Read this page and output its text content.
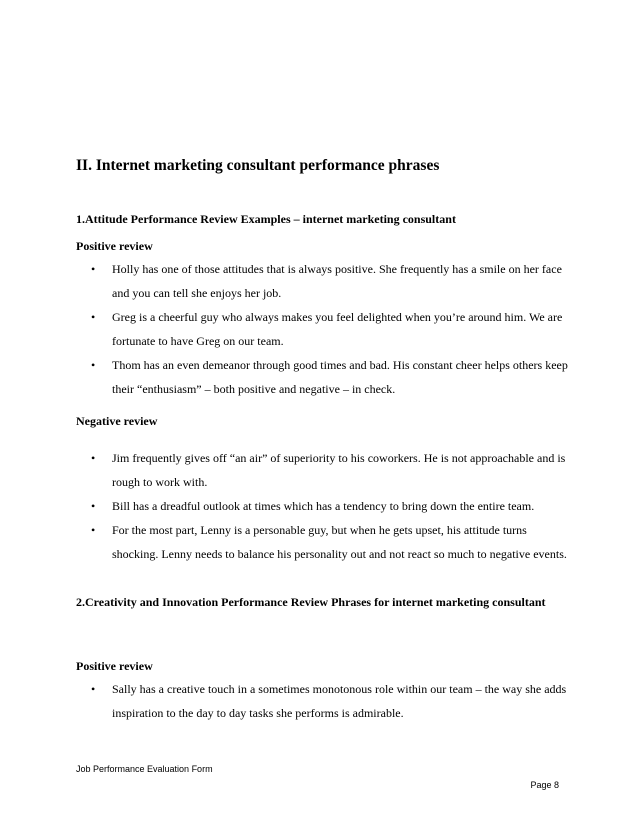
II. Internet marketing consultant performance phrases

1.Attitude Performance Review Examples – internet marketing consultant

Positive review

• Holly has one of those attitudes that is always positive. She frequently has a smile on her face and you can tell she enjoys her job.
• Greg is a cheerful guy who always makes you feel delighted when you’re around him. We are fortunate to have Greg on our team.
• Thom has an even demeanor through good times and bad. His constant cheer helps others keep their “enthusiasm” – both positive and negative – in check.

Negative review

• Jim frequently gives off “an air” of superiority to his coworkers. He is not approachable and is rough to work with.
• Bill has a dreadful outlook at times which has a tendency to bring down the entire team.
• For the most part, Lenny is a personable guy, but when he gets upset, his attitude turns shocking. Lenny needs to balance his personality out and not react so much to negative events.

2.Creativity and Innovation Performance Review Phrases for internet marketing consultant

Positive review

• Sally has a creative touch in a sometimes monotonous role within our team – the way she adds inspiration to the day to day tasks she performs is admirable.

Job Performance Evaluation Form

Page 8
